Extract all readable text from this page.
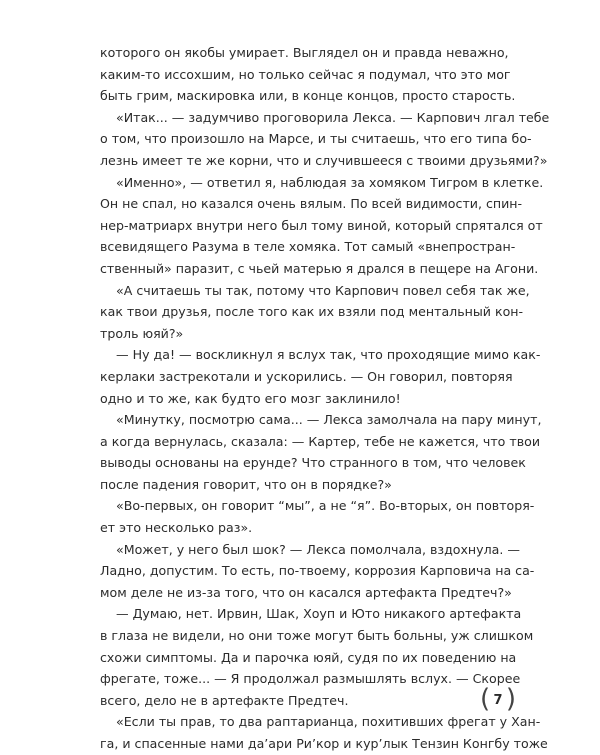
которого он якобы умирает. Выглядел он и правда неважно,
каким-то иссохшим, но только сейчас я подумал, что это мог
быть грим, маскировка или, в конце концов, просто старость.
«Итак... — задумчиво проговорила Лекса. — Карпович лгал тебе
о том, что произошло на Марсе, и ты считаешь, что его типа бо-
лезнь имеет те же корни, что и случившееся с твоими друзьями?»
«Именно», — ответил я, наблюдая за хомяком Тигром в клетке.
Он не спал, но казался очень вялым. По всей видимости, спин-
нер-матриарх внутри него был тому виной, который спрятался от
всевидящего Разума в теле хомяка. Тот самый «внепростран-
ственный» паразит, с чьей матерью я дрался в пещере на Агони.
«А считаешь ты так, потому что Карпович повел себя так же,
как твои друзья, после того как их взяли под ментальный кон-
троль юяй?»
— Ну да! — воскликнул я вслух так, что проходящие мимо как-
керлаки застрекотали и ускорились. — Он говорил, повторяя
одно и то же, как будто его мозг заклинило!
«Минутку, посмотрю сама... — Лекса замолчала на пару минут,
а когда вернулась, сказала: — Картер, тебе не кажется, что твои
выводы основаны на ерунде? Что странного в том, что человек
после падения говорит, что он в порядке?»
«Во-первых, он говорит “мы”, а не “я”. Во-вторых, он повторя-
ет это несколько раз».
«Может, у него был шок? — Лекса помолчала, вздохнула. —
Ладно, допустим. То есть, по-твоему, коррозия Карповича на са-
мом деле не из-за того, что он касался артефакта Предтеч?»
— Думаю, нет. Ирвин, Шак, Хоуп и Юто никакого артефакта
в глаза не видели, но они тоже могут быть больны, уж слишком
схожи симптомы. Да и парочка юяй, судя по их поведению на
фрегате, тоже... — Я продолжал размышлять вслух. — Скорее
всего, дело не в артефакте Предтеч.
«Если ты прав, то два раптарианца, похитивших фрегат у Хан-
га, и спасенные нами да’ари Ри’кор и кур’лык Тензин Конгбу тоже
( 7 )
